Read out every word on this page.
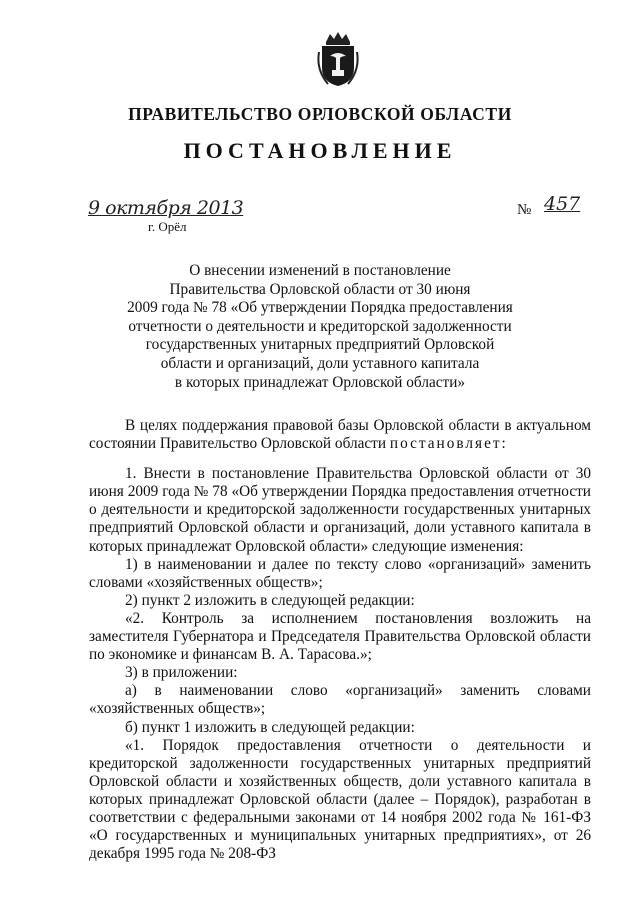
ПРАВИТЕЛЬСТВО ОРЛОВСКОЙ ОБЛАСТИ
ПОСТАНОВЛЕНИЕ
9 октября 2013	№ 457
г. Орёл
О внесении изменений в постановление
Правительства Орловской области от 30 июня
2009 года № 78 «Об утверждении Порядка предоставления
отчетности о деятельности и кредиторской задолженности
государственных унитарных предприятий Орловской
области и организаций, доли уставного капитала
в которых принадлежат Орловской области»

В целях поддержания правовой базы Орловской области в актуальном состоянии Правительство Орловской области постановляет:

1. Внести в постановление Правительства Орловской области от 30 июня 2009 года № 78 «Об утверждении Порядка предоставления отчетности о деятельности и кредиторской задолженности государственных унитарных предприятий Орловской области и организаций, доли уставного капитала в которых принадлежат Орловской области» следующие изменения:

1) в наименовании и далее по тексту слово «организаций» заменить словами «хозяйственных обществ»;

2) пункт 2 изложить в следующей редакции:

«2. Контроль за исполнением постановления возложить на заместителя Губернатора и Председателя Правительства Орловской области по экономике и финансам В. А. Тарасова.»;

3) в приложении:

а) в наименовании слово «организаций» заменить словами «хозяйственных обществ»;

б) пункт 1 изложить в следующей редакции:

«1. Порядок предоставления отчетности о деятельности и кредиторской задолженности государственных унитарных предприятий Орловской области и хозяйственных обществ, доли уставного капитала в которых принадлежат Орловской области (далее – Порядок), разработан в соответствии с федеральными законами от 14 ноября 2002 года № 161-ФЗ «О государственных и муниципальных унитарных предприятиях», от 26 декабря 1995 года № 208-ФЗ
